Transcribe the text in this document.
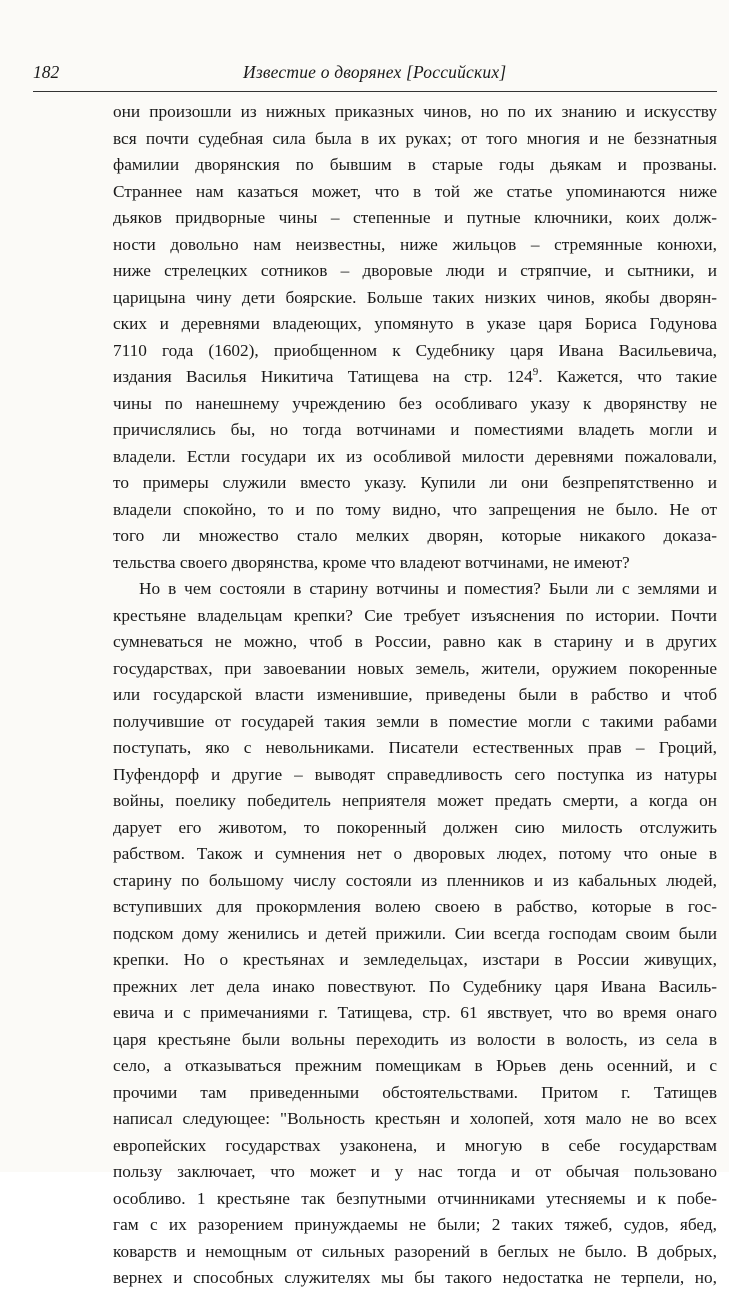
182	Известие о дворянех [Российских]
они произошли из нижных приказных чинов, но по их знанию и искусству
вся почти судебная сила была в их руках; от того многия и не беззнатныя
фамилии дворянския по бывшим в старые годы дьякам и прозваны.
Страннее нам казаться может, что в той же статье упоминаются ниже
дьяков придворные чины – степенные и путные ключники, коих долж-
ности довольно нам неизвестны, ниже жильцов – стремянные конюхи,
ниже стрелецких сотников – дворовые люди и стряпчие, и сытники, и
царицына чину дети боярские. Больше таких низких чинов, якобы дворян-
ских и деревнями владеющих, упомянуто в указе царя Бориса Годунова
7110 года (1602), приобщенном к Судебнику царя Ивана Васильевича,
издания Василья Никитича Татищева на стр. $124^9$. Кажется, что такие
чины по нанешнему учреждению без особливаго указу к дворянству не
причислялись бы, но тогда вотчинами и поместиями владеть могли и
владели. Естли государи их из особливой милости деревнями пожаловали,
то примеры служили вместо указу. Купили ли они безпрепятственно и
владели спокойно, то и по тому видно, что запрещения не было. Не от
того ли множество стало мелких дворян, которые никакого доказа-
тельства своего дворянства, кроме что владеют вотчинами, не имеют?
Но в чем состояли в старину вотчины и поместия? Были ли с землями и
крестьяне владельцам крепки? Сие требует изъяснения по истории. Почти
сумневаться не можно, чтоб в России, равно как в старину и в других
государствах, при завоевании новых земель, жители, оружием покоренные
или государской власти изменившие, приведены были в рабство и чтоб
получившие от государей такия земли в поместие могли с такими рабами
поступать, яко с невольниками. Писатели естественных прав – Гроций,
Пуфендорф и другие – выводят справедливость сего поступка из натуры
войны, поелику победитель неприятеля может предать смерти, а когда он
дарует его животом, то покоренный должен сию милость отслужить
рабством. Також и сумнения нет о дворовых людех, потому что оные в
старину по большому числу состояли из пленников и из кабальных людей,
вступивших для прокормления волею своею в рабство, которые в гос-
подском дому женились и детей прижили. Сии всегда господам своим были
крепки. Но о крестьянах и земледельцах, изстари в России живущих,
прежних лет дела инако повествуют. По Судебнику царя Ивана Василь-
евича и с примечаниями г. Татищева, стр. 61 явствует, что во время онаго
царя крестьяне были вольны переходить из волости в волость, из села в
село, а отказываться прежним помещикам в Юрьев день осенний, и с
прочими там приведенными обстоятельствами. Притом г. Татищев
написал следующее: "Вольность крестьян и холопей, хотя мало не во всех
европейских государствах узаконена, и многую в себе государствам
пользу заключает, что может и у нас тогда и от обычая пользовано
особливо. 1 крестьяне так безпутными отчинниками утесняемы и к побе-
гам с их разорением принуждаемы не были; 2 таких тяжеб, судов, ябед,
коварств и немощным от сильных разорений в беглых не было. В добрых,
вернех и способных служителях мы бы такого недостатка не терпели, но,
